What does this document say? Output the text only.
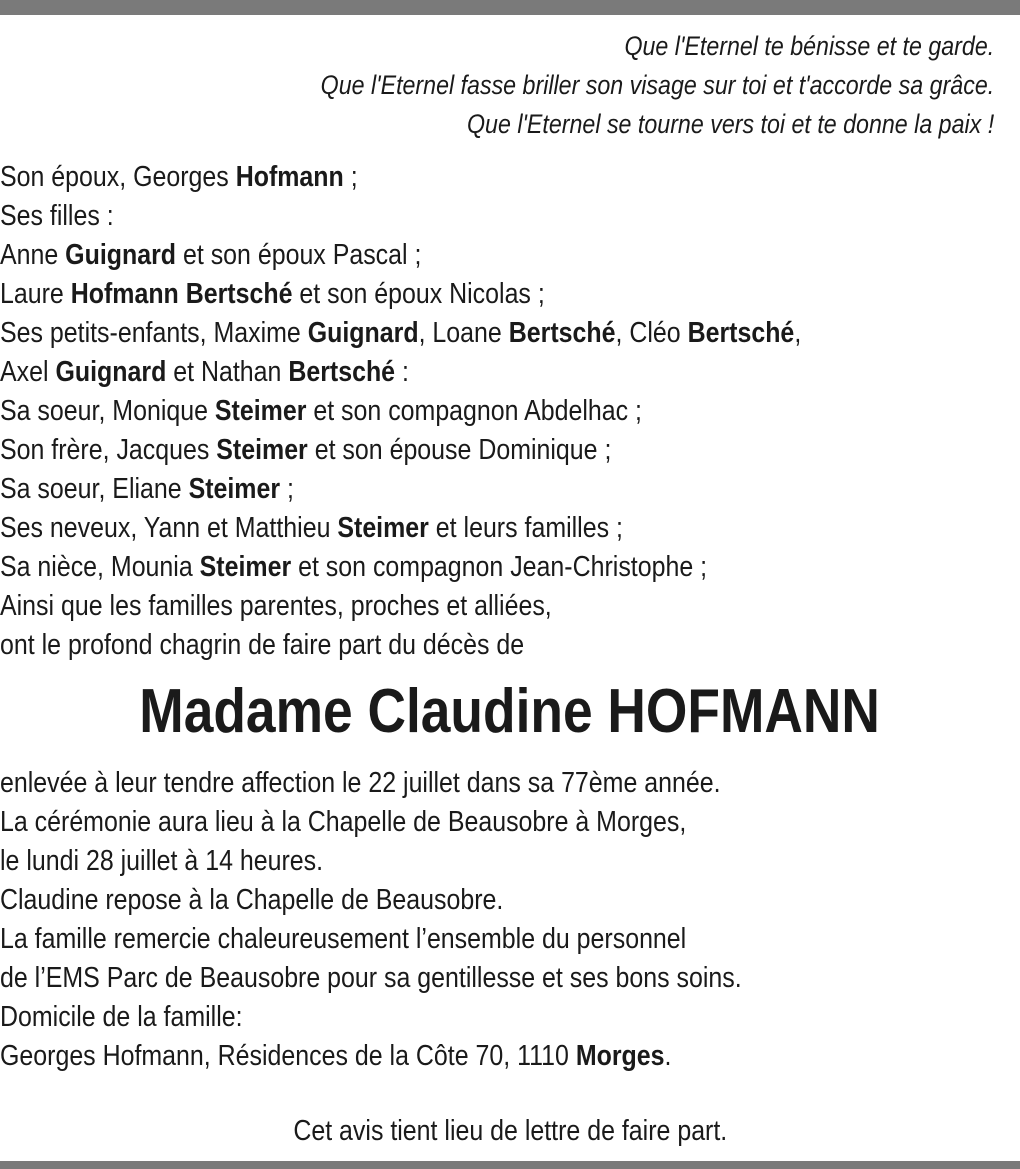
Que l'Eternel te bénisse et te garde.
Que l'Eternel fasse briller son visage sur toi et t'accorde sa grâce.
Que l'Eternel se tourne vers toi et te donne la paix !
Son époux, Georges Hofmann ;
Ses filles :
Anne Guignard et son époux Pascal ;
Laure Hofmann Bertsché et son époux Nicolas ;
Ses petits-enfants, Maxime Guignard, Loane Bertsché, Cléo Bertsché,
Axel Guignard et Nathan Bertsché :
Sa soeur, Monique Steimer et son compagnon Abdelhac ;
Son frère, Jacques Steimer et son épouse Dominique ;
Sa soeur, Eliane Steimer ;
Ses neveux, Yann et Matthieu Steimer et leurs familles ;
Sa nièce, Mounia Steimer et son compagnon Jean-Christophe ;
Ainsi que les familles parentes, proches et alliées,
ont le profond chagrin de faire part du décès de
Madame Claudine HOFMANN
enlevée à leur tendre affection le 22 juillet dans sa 77ème année.
La cérémonie aura lieu à la Chapelle de Beausobre à Morges,
le lundi 28 juillet à 14 heures.
Claudine repose à la Chapelle de Beausobre.
La famille remercie chaleureusement l’ensemble du personnel
de l’EMS Parc de Beausobre pour sa gentillesse et ses bons soins.
Domicile de la famille:
Georges Hofmann, Résidences de la Côte 70, 1110 Morges.
Cet avis tient lieu de lettre de faire part.
